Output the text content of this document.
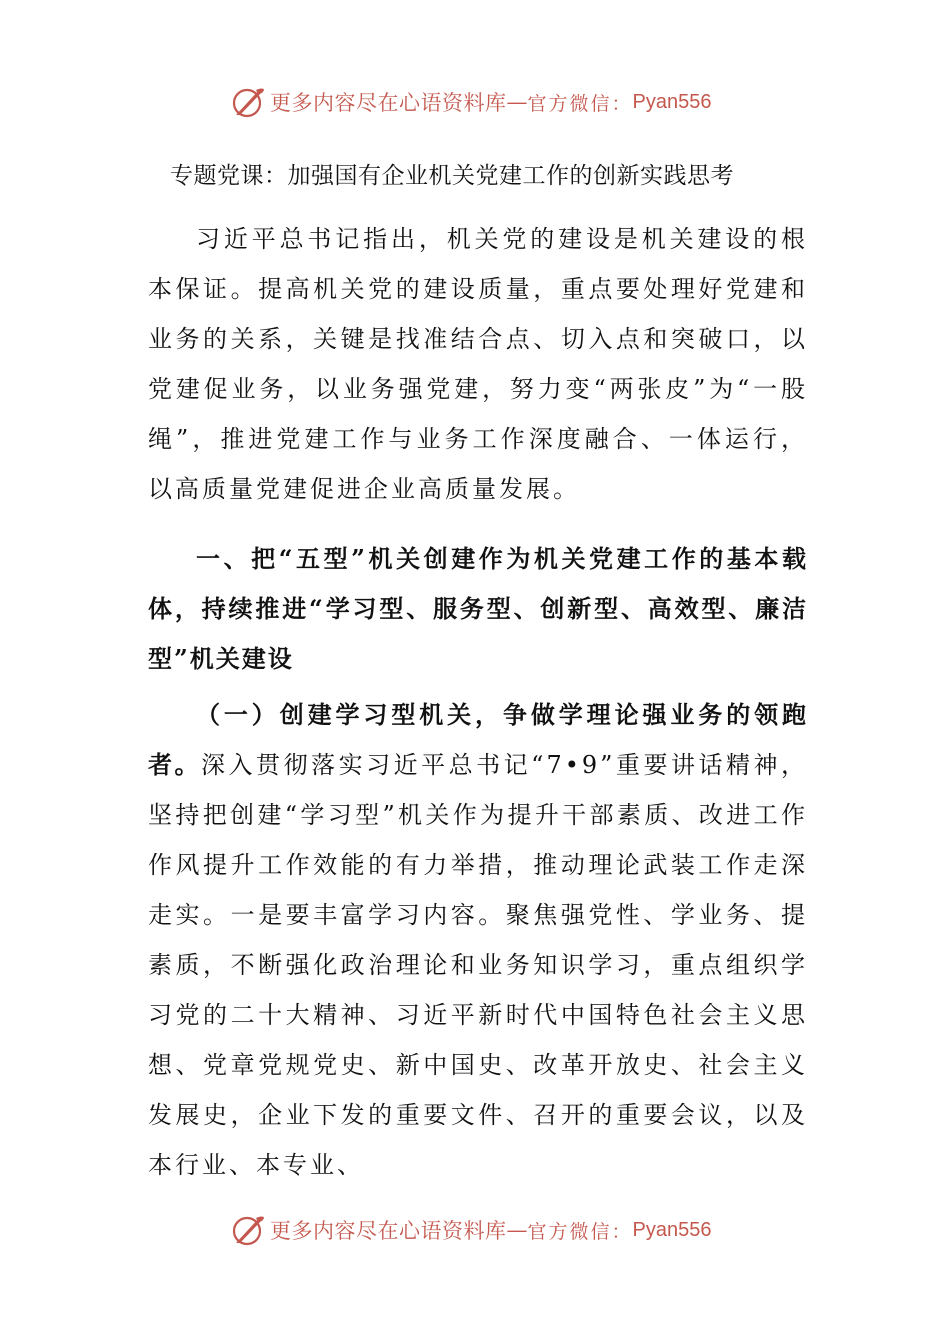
更多内容尽在心语资料库 — 官方微信： Pyan556
专题党课：加强国有企业机关党建工作的创新实践思考

习近平总书记指出，机关党的建设是机关建设的根本保证。提高机关党的建设质量，重点要处理好党建和业务的关系，关键是找准结合点、切入点和突破口，以党建促业务，以业务强党建，努力变“两张皮”为“一股绳”，推进党建工作与业务工作深度融合、一体运行，以高质量党建促进企业高质量发展。

一、把“五型”机关创建作为机关党建工作的基本载体，持续推进“学习型、服务型、创新型、高效型、廉洁型”机关建设

（一）创建学习型机关，争做学理论强业务的领跑者。深入贯彻落实习近平总书记“7•9”重要讲话精神，坚持把创建“学习型”机关作为提升干部素质、改进工作作风提升工作效能的有力举措，推动理论武装工作走深走实。一是要丰富学习内容。聚焦强党性、学业务、提素质，不断强化政治理论和业务知识学习，重点组织学习党的二十大精神、习近平新时代中国特色社会主义思想、党章党规党史、新中国史、改革开放史、社会主义发展史，企业下发的重要文件、召开的重要会议，以及本行业、本专业、

更多内容尽在心语资料库 — 官方微信： Pyan556
